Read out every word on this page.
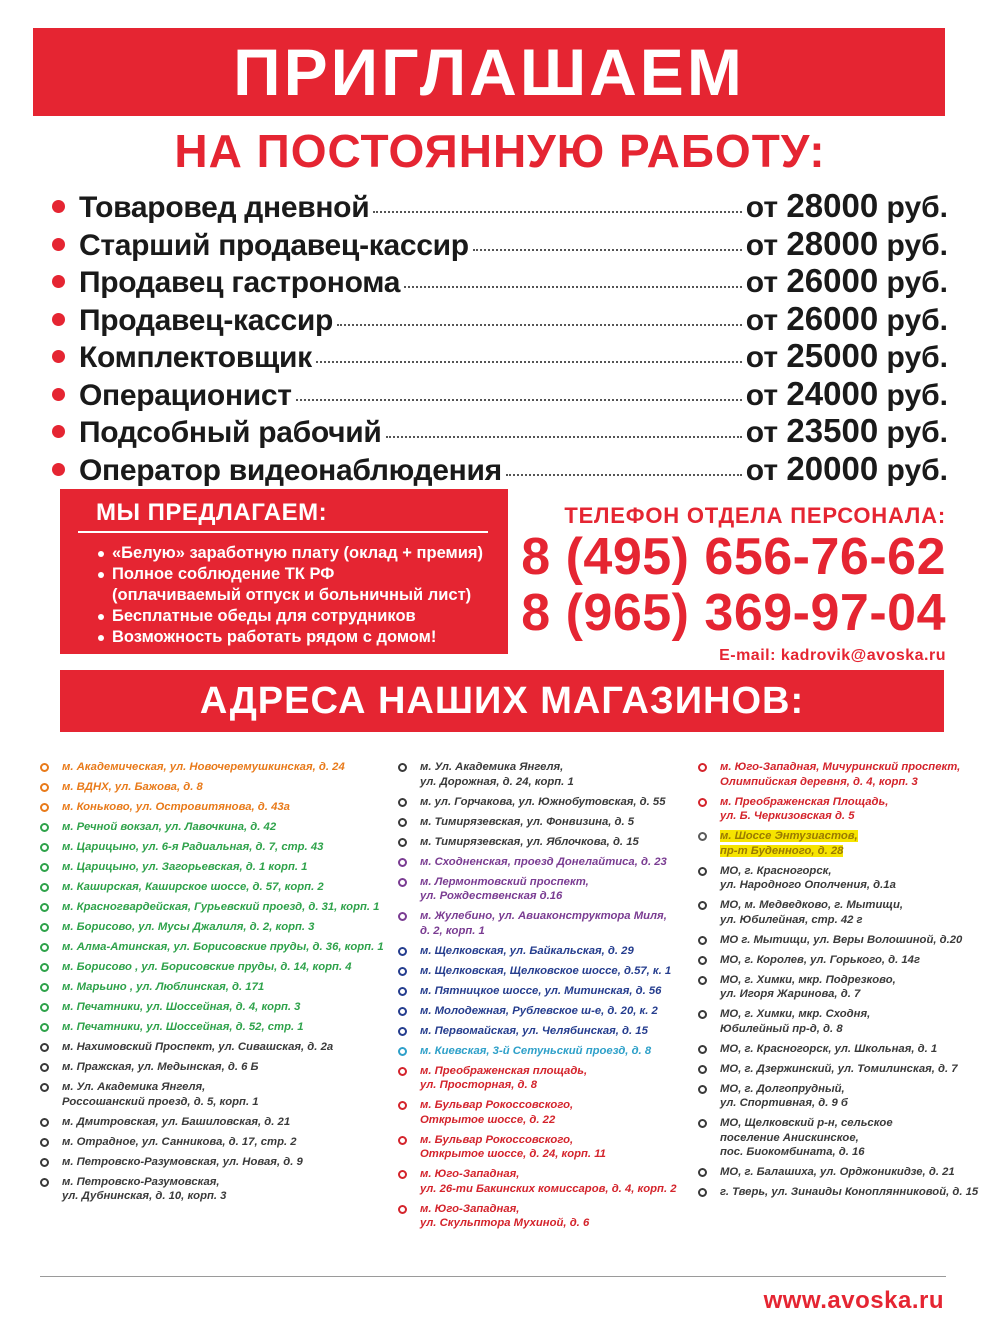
ПРИГЛАШАЕМ
НА ПОСТОЯННУЮ РАБОТУ:
Товаровед дневной	от 28000 руб.
Старший продавец-кассир	от 28000 руб.
Продавец гастронома	от 26000 руб.
Продавец-кассир	от 26000 руб.
Комплектовщик	от 25000 руб.
Операционист	от 24000 руб.
Подсобный рабочий	от 23500 руб.
Оператор видеонаблюдения	от 20000 руб.
МЫ ПРЕДЛАГАЕМ:
«Белую» заработную плату (оклад + премия)
Полное соблюдение ТК РФ
(оплачиваемый отпуск и больничный лист)
Бесплатные обеды для сотрудников
Возможность работать рядом с домом!
ТЕЛЕФОН ОТДЕЛА ПЕРСОНАЛА:
8 (495) 656-76-62
8 (965) 369-97-04
E-mail: kadrovik@avoska.ru
АДРЕСА НАШИХ МАГАЗИНОВ:
м. Академическая, ул. Новочеремушкинская, д. 24
м. ВДНХ, ул. Бажова, д. 8
м. Коньково, ул. Островитянова, д. 43а
м. Речной вокзал, ул. Лавочкина, д. 42
м. Царицыно, ул. 6-я Радиальная, д. 7, стр. 43
м. Царицыно, ул. Загорьевская, д. 1 корп. 1
м. Каширская, Каширское шоссе, д. 57, корп. 2
м. Красногвардейская, Гурьевский проезд, д. 31, корп. 1
м. Борисово, ул. Мусы Джалиля, д. 2, корп. 3
м. Алма-Атинская, ул. Борисовские пруды, д. 36, корп. 1
м. Борисово , ул. Борисовские пруды, д. 14, корп. 4
м. Марьино , ул. Люблинская, д. 171
м. Печатники, ул. Шоссейная, д. 4, корп. 3
м. Печатники, ул. Шоссейная, д. 52, стр. 1
м. Нахимовский Проспект, ул. Сивашская, д. 2а
м. Пражская, ул. Медынская, д. 6 Б
м. Ул. Академика Янгеля,
Россошанский проезд, д. 5, корп. 1
м. Дмитровская, ул. Башиловская, д. 21
м. Отрадное, ул. Санникова, д. 17, стр. 2
м. Петровско-Разумовская, ул. Новая, д. 9
м. Петровско-Разумовская,
ул. Дубнинская, д. 10, корп. 3
м. Ул. Академика Янгеля,
ул. Дорожная, д. 24, корп. 1
м. ул. Горчакова, ул. Южнобутовская, д. 55
м. Тимирязевская, ул. Фонвизина, д. 5
м. Тимирязевская, ул. Яблочкова, д. 15
м. Сходненская, проезд Донелайтиса, д. 23
м. Лермонтовский проспект,
ул. Рождественская д.16
м. Жулебино, ул. Авиаконструктора Миля,
д. 2, корп. 1
м. Щелковская, ул. Байкальская, д. 29
м. Щелковская, Щелковское шоссе, д.57, к. 1
м. Пятницкое шоссе, ул. Митинская, д. 56
м. Молодежная, Рублевское ш-е, д. 20, к. 2
м. Первомайская, ул. Челябинская, д. 15
м. Киевская, 3-й Сетуньский проезд, д. 8
м. Преображенская площадь,
ул. Просторная, д. 8
м. Бульвар Рокоссовского,
Открытое шоссе, д. 22
м. Бульвар Рокоссовского,
Открытое шоссе, д. 24, корп. 11
м. Юго-Западная,
ул. 26-ти Бакинских комиссаров, д. 4, корп. 2
м. Юго-Западная,
ул. Скульптора Мухиной, д. 6
м. Юго-Западная, Мичуринский проспект,
Олимпийская деревня, д. 4, корп. 3
м. Преображенская Площадь,
ул. Б. Черкизовская д. 5
м. Шоссе Энтузиастов,
пр-т Буденного, д. 28
МО, г. Красногорск,
ул. Народного Ополчения, д.1а
МО, м. Медведково, г. Мытищи,
ул. Юбилейная, стр. 42 г
МО г. Мытищи, ул. Веры Волошиной, д.20
МО, г. Королев, ул. Горького, д. 14г
МО, г. Химки, мкр. Подрезково,
ул. Игоря Жаринова, д. 7
МО, г. Химки, мкр. Сходня,
Юбилейный пр-д, д. 8
МО, г. Красногорск, ул. Школьная, д. 1
МО, г. Дзержинский, ул. Томилинская, д. 7
МО, г. Долгопрудный,
ул. Спортивная, д. 9 б
МО, Щелковский р-н, сельское
поселение Анискинское,
пос. Биокомбината, д. 16
МО, г. Балашиха, ул. Орджоникидзе, д. 21
г. Тверь, ул. Зинаиды Коноплянниковой, д. 15
www.avoska.ru
